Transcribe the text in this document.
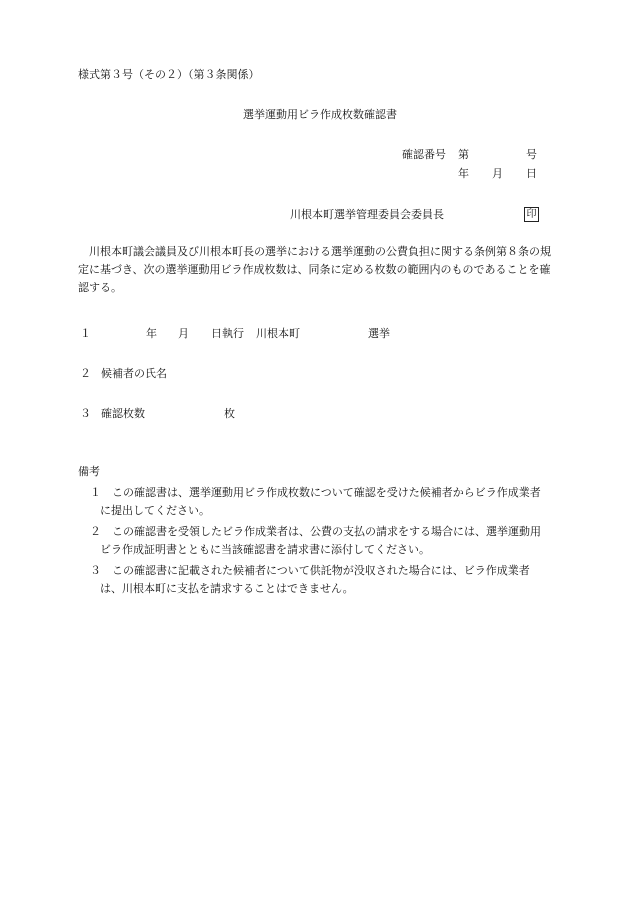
様式第３号（その２）（第３条関係）
選挙運動用ビラ作成枚数確認書
確認番号 第	号
年 月 日
川根本町選挙管理委員会委員長	印
川根本町議会議員及び川根本町長の選挙における選挙運動の公費負担に関する条例第８条の規定に基づき、次の選挙運動用ビラ作成枚数は、同条に定める枚数の範囲内のものであることを確認する。
１	年 月 日執行 川根本町	選挙
２ 候補者の氏名
３ 確認枚数	枚
備考
１ この確認書は、選挙運動用ビラ作成枚数について確認を受けた候補者からビラ作成業者
に提出してください。
２ この確認書を受領したビラ作成業者は、公費の支払の請求をする場合には、選挙運動用
ビラ作成証明書とともに当該確認書を請求書に添付してください。
３ この確認書に記載された候補者について供託物が没収された場合には、ビラ作成業者
は、川根本町に支払を請求することはできません。
